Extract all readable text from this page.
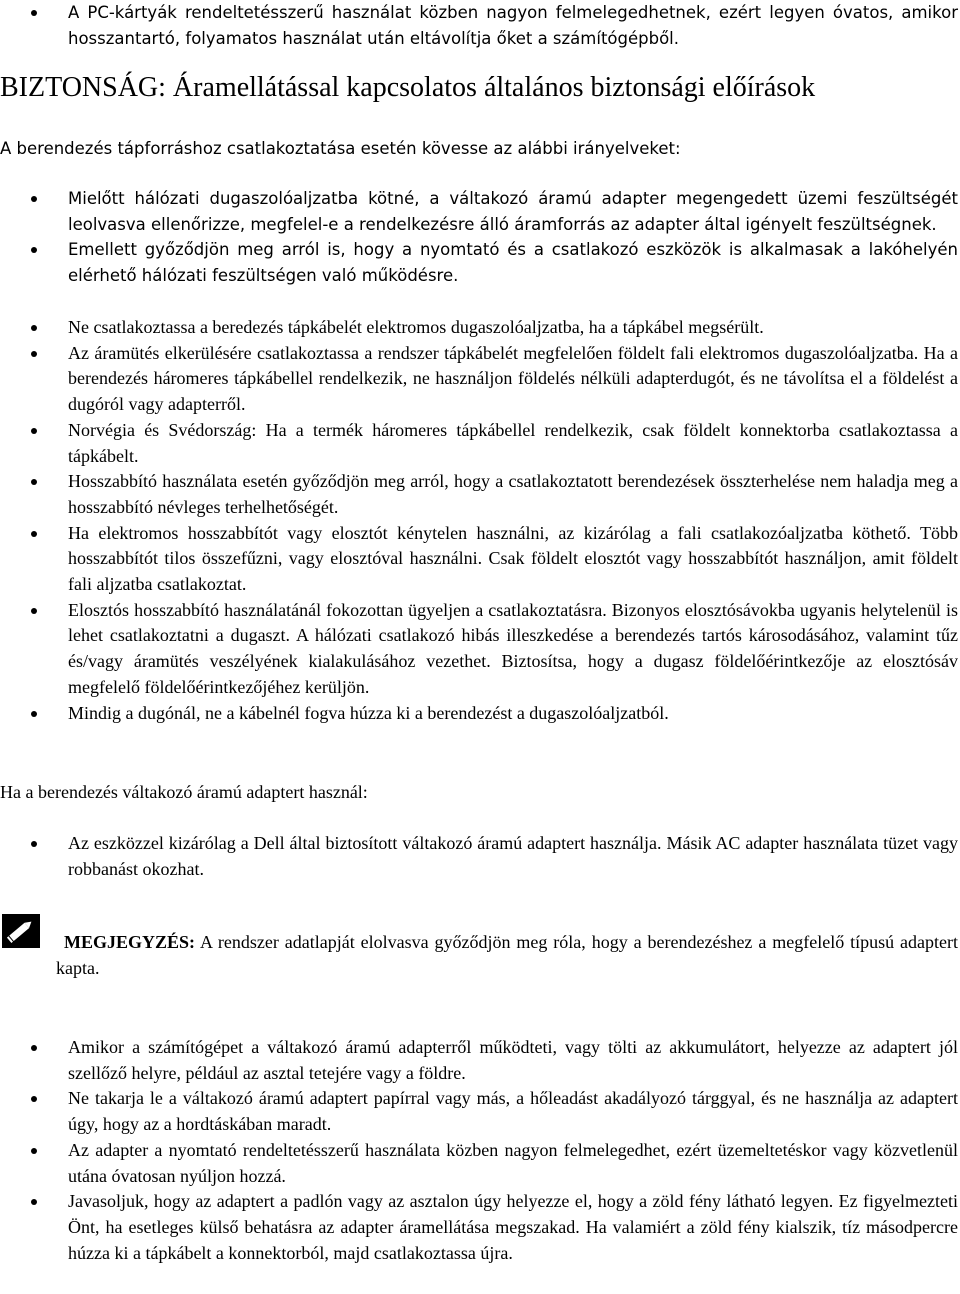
A PC-kártyák rendeltetésszerű használat közben nagyon felmelegedhetnek, ezért legyen óvatos, amikor hosszantartó, folyamatos használat után eltávolítja őket a számítógépből.
BIZTONSÁG: Áramellátással kapcsolatos általános biztonsági előírások

A berendezés tápforráshoz csatlakoztatása esetén kövesse az alábbi irányelveket:

Mielőtt hálózati dugaszolóaljzatba kötné, a váltakozó áramú adapter megengedett üzemi feszültségét leolvasva ellenőrizze, megfelel-e a rendelkezésre álló áramforrás az adapter által igényelt feszültségnek.
Emellett győződjön meg arról is, hogy a nyomtató és a csatlakozó eszközök is alkalmasak a lakóhelyén elérhető hálózati feszültségen való működésre.
Ne csatlakoztassa a beredezés tápkábelét elektromos dugaszolóaljzatba, ha a tápkábel megsérült.
Az áramütés elkerülésére csatlakoztassa a rendszer tápkábelét megfelelően földelt fali elektromos dugaszolóaljzatba. Ha a berendezés háromeres tápkábellel rendelkezik, ne használjon földelés nélküli adapterdugót, és ne távolítsa el a földelést a dugóról vagy adapterről.
Norvégia és Svédország: Ha a termék háromeres tápkábellel rendelkezik, csak földelt konnektorba csatlakoztassa a tápkábelt.
Hosszabbító használata esetén győződjön meg arról, hogy a csatlakoztatott berendezések összterhelése nem haladja meg a hosszabbító névleges terhelhetőségét.
Ha elektromos hosszabbítót vagy elosztót kénytelen használni, az kizárólag a fali csatlakozóaljzatba köthető. Több hosszabbítót tilos összefűzni, vagy elosztóval használni. Csak földelt elosztót vagy hosszabbítót használjon, amit földelt fali aljzatba csatlakoztat.
Elosztós hosszabbító használatánál fokozottan ügyeljen a csatlakoztatásra. Bizonyos elosztósávokba ugyanis helytelenül is lehet csatlakoztatni a dugaszt. A hálózati csatlakozó hibás illeszkedése a berendezés tartós károsodásához, valamint tűz és/vagy áramütés veszélyének kialakulásához vezethet. Biztosítsa, hogy a dugasz földelőérintkezője az elosztósáv megfelelő földelőérintkezőjéhez kerüljön.
Mindig a dugónál, ne a kábelnél fogva húzza ki a berendezést a dugaszolóaljzatból.

Ha a berendezés váltakozó áramú adaptert használ:

Az eszközzel kizárólag a Dell által biztosított váltakozó áramú adaptert használja. Másik AC adapter használata tüzet vagy robbanást okozhat.

MEGJEGYZÉS: A rendszer adatlapját elolvasva győződjön meg róla, hogy a berendezéshez a megfelelő típusú adaptert kapta.

Amikor a számítógépet a váltakozó áramú adapterről működteti, vagy tölti az akkumulátort, helyezze az adaptert jól szellőző helyre, például az asztal tetejére vagy a földre.
Ne takarja le a váltakozó áramú adaptert papírral vagy más, a hőleadást akadályozó tárggyal, és ne használja az adaptert úgy, hogy az a hordtáskában maradt.
Az adapter a nyomtató rendeltetésszerű használata közben nagyon felmelegedhet, ezért üzemeltetéskor vagy közvetlenül utána óvatosan nyúljon hozzá.
Javasoljuk, hogy az adaptert a padlón vagy az asztalon úgy helyezze el, hogy a zöld fény látható legyen. Ez figyelmezteti Önt, ha esetleges külső behatásra az adapter áramellátása megszakad. Ha valamiért a zöld fény kialszik, tíz másodpercre húzza ki a tápkábelt a konnektorból, majd csatlakoztassa újra.
